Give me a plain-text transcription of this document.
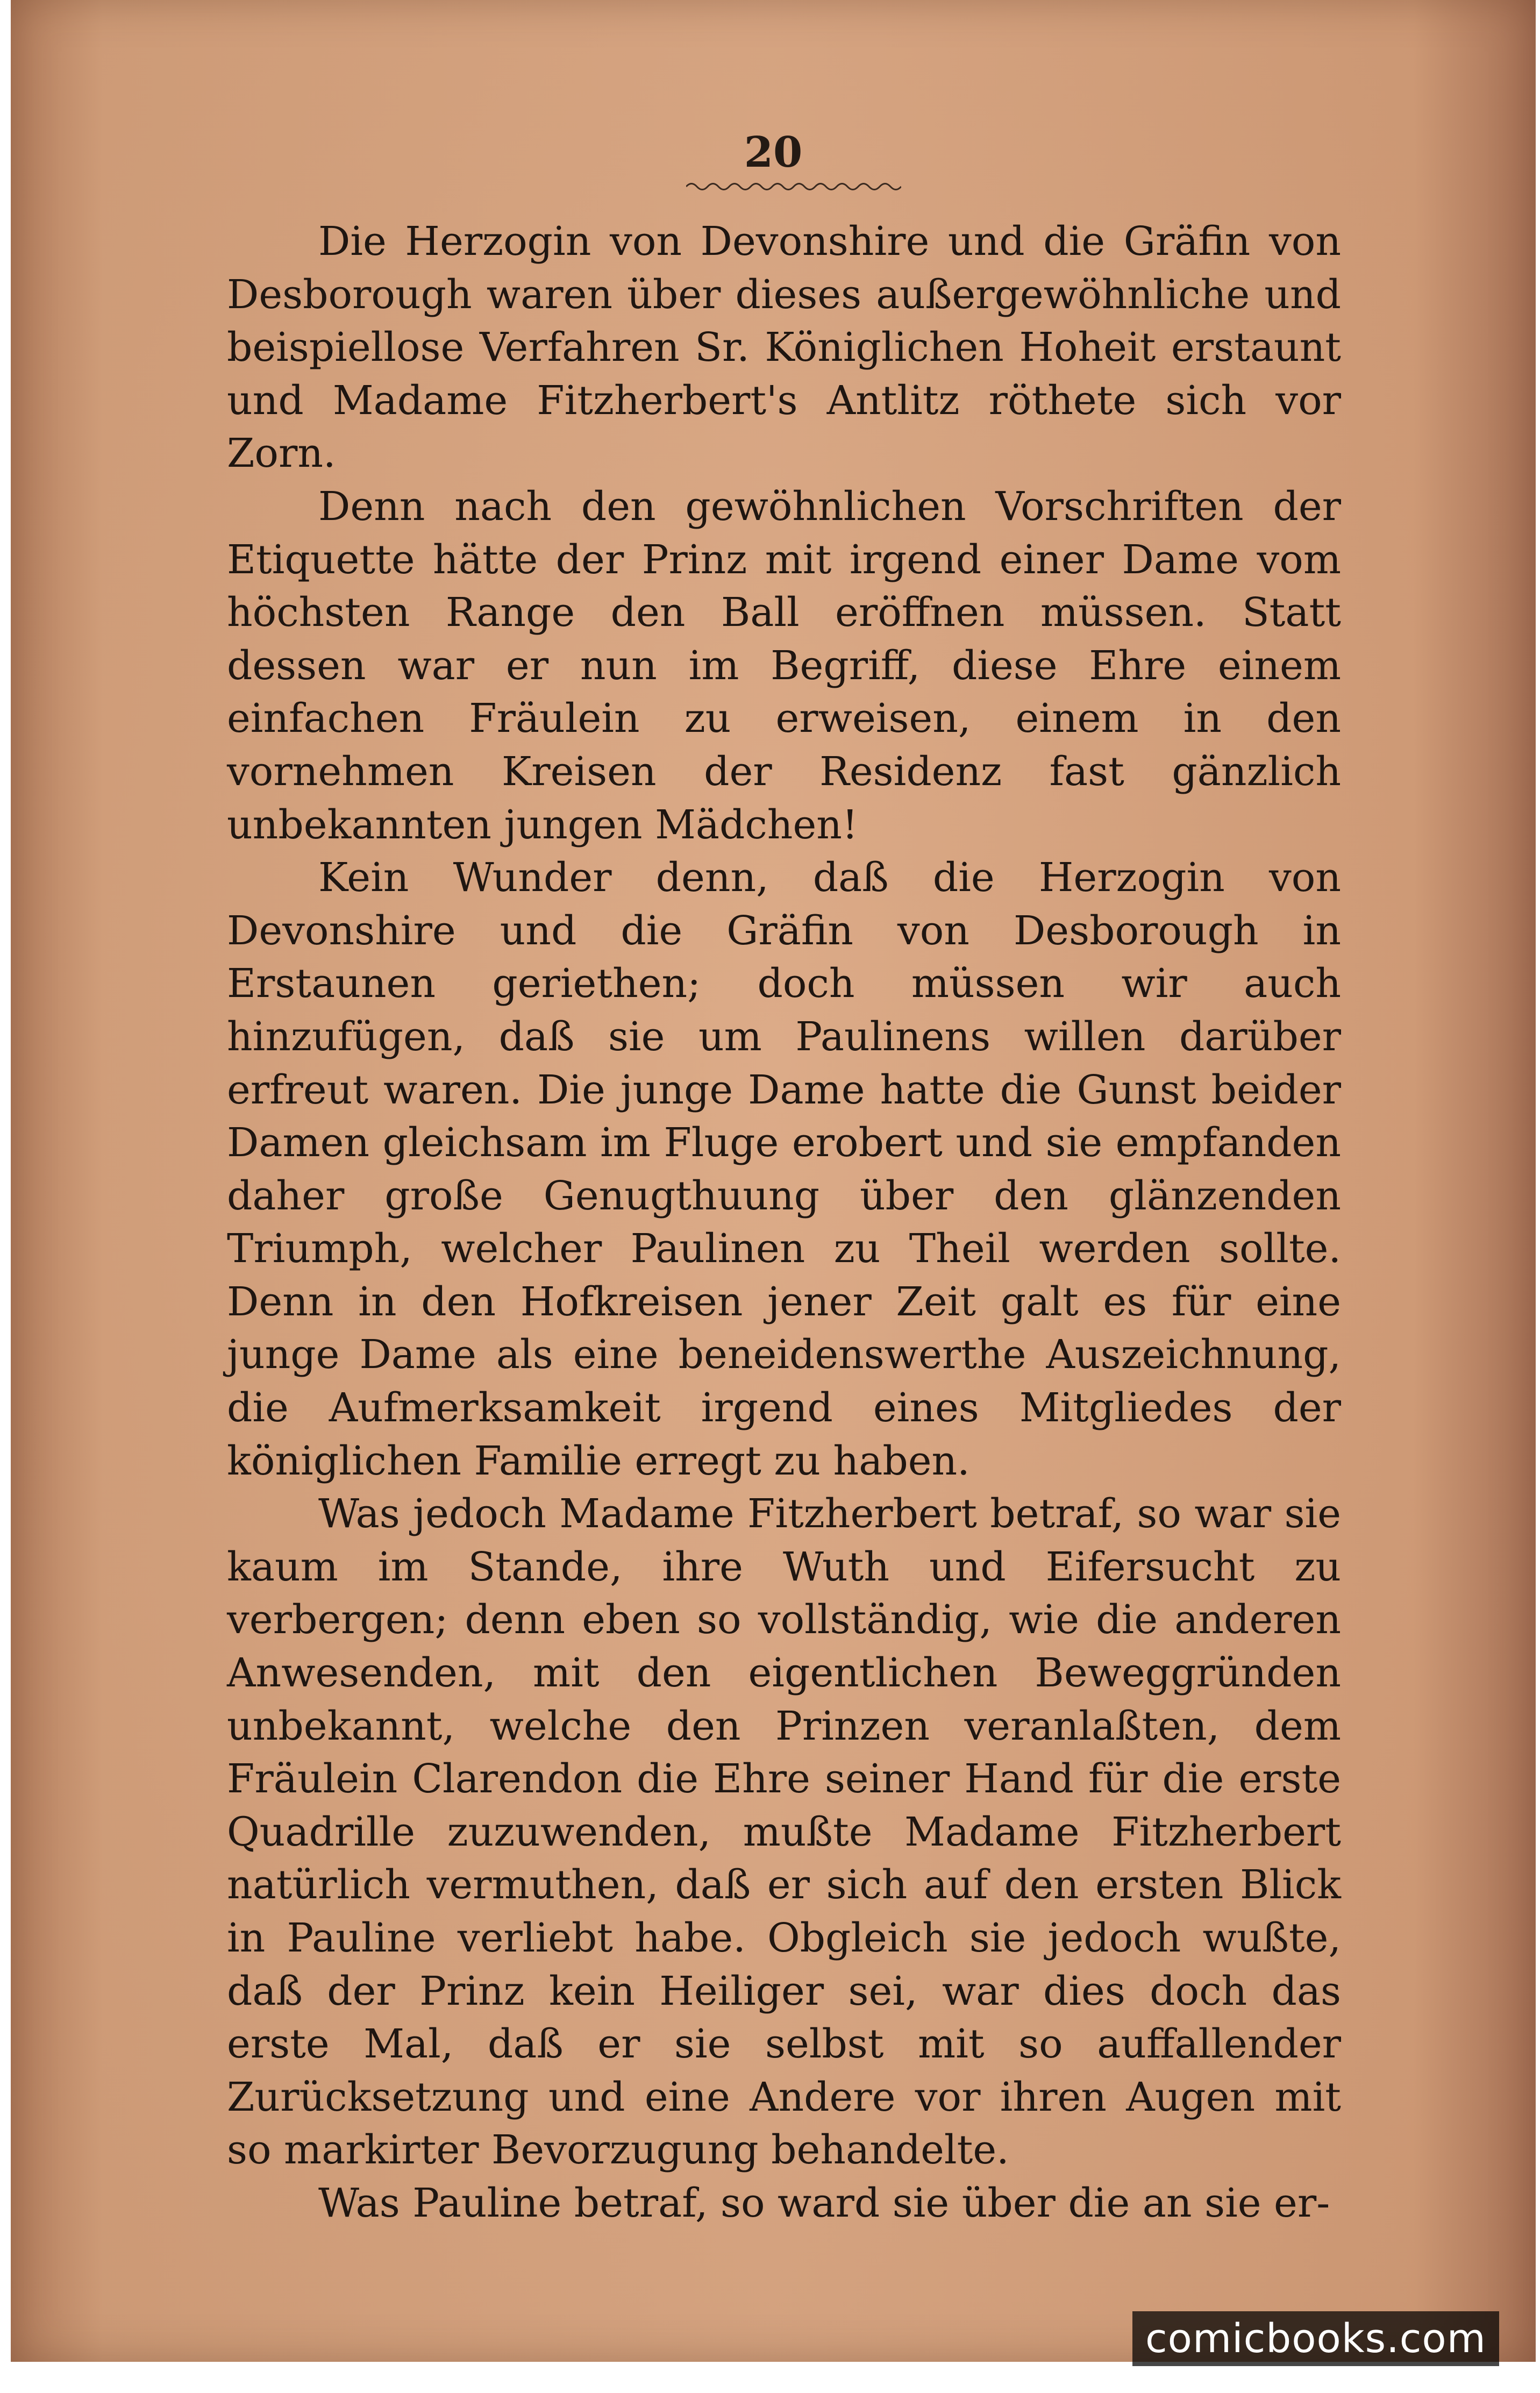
20

Die Herzogin von Devonshire und die Gräfin von Desborough waren über dieses außergewöhnliche und beispiellose Verfahren Sr. Königlichen Hoheit erstaunt und Madame Fitzherbert's Antlitz röthete sich vor Zorn.

Denn nach den gewöhnlichen Vorschriften der Etiquette hätte der Prinz mit irgend einer Dame vom höchsten Range den Ball eröffnen müssen. Statt dessen war er nun im Begriff, diese Ehre einem einfachen Fräulein zu erweisen, einem in den vornehmen Kreisen der Residenz fast gänzlich unbekannten jungen Mädchen!

Kein Wunder denn, daß die Herzogin von Devonshire und die Gräfin von Desborough in Erstaunen geriethen; doch müssen wir auch hinzufügen, daß sie um Paulinens willen darüber erfreut waren. Die junge Dame hatte die Gunst beider Damen gleichsam im Fluge erobert und sie empfanden daher große Genugthuung über den glänzenden Triumph, welcher Paulinen zu Theil werden sollte. Denn in den Hofkreisen jener Zeit galt es für eine junge Dame als eine beneidenswerthe Auszeichnung, die Aufmerksamkeit irgend eines Mitgliedes der königlichen Familie erregt zu haben.

Was jedoch Madame Fitzherbert betraf, so war sie kaum im Stande, ihre Wuth und Eifersucht zu verbergen; denn eben so vollständig, wie die anderen Anwesenden, mit den eigentlichen Beweggründen unbekannt, welche den Prinzen veranlaßten, dem Fräulein Clarendon die Ehre seiner Hand für die erste Quadrille zuzuwenden, mußte Madame Fitzherbert natürlich vermuthen, daß er sich auf den ersten Blick in Pauline verliebt habe. Obgleich sie jedoch wußte, daß der Prinz kein Heiliger sei, war dies doch das erste Mal, daß er sie selbst mit so auffallender Zurücksetzung und eine Andere vor ihren Augen mit so markirter Bevorzugung behandelte.

Was Pauline betraf, so ward sie über die an sie er-

comicbooks.com
